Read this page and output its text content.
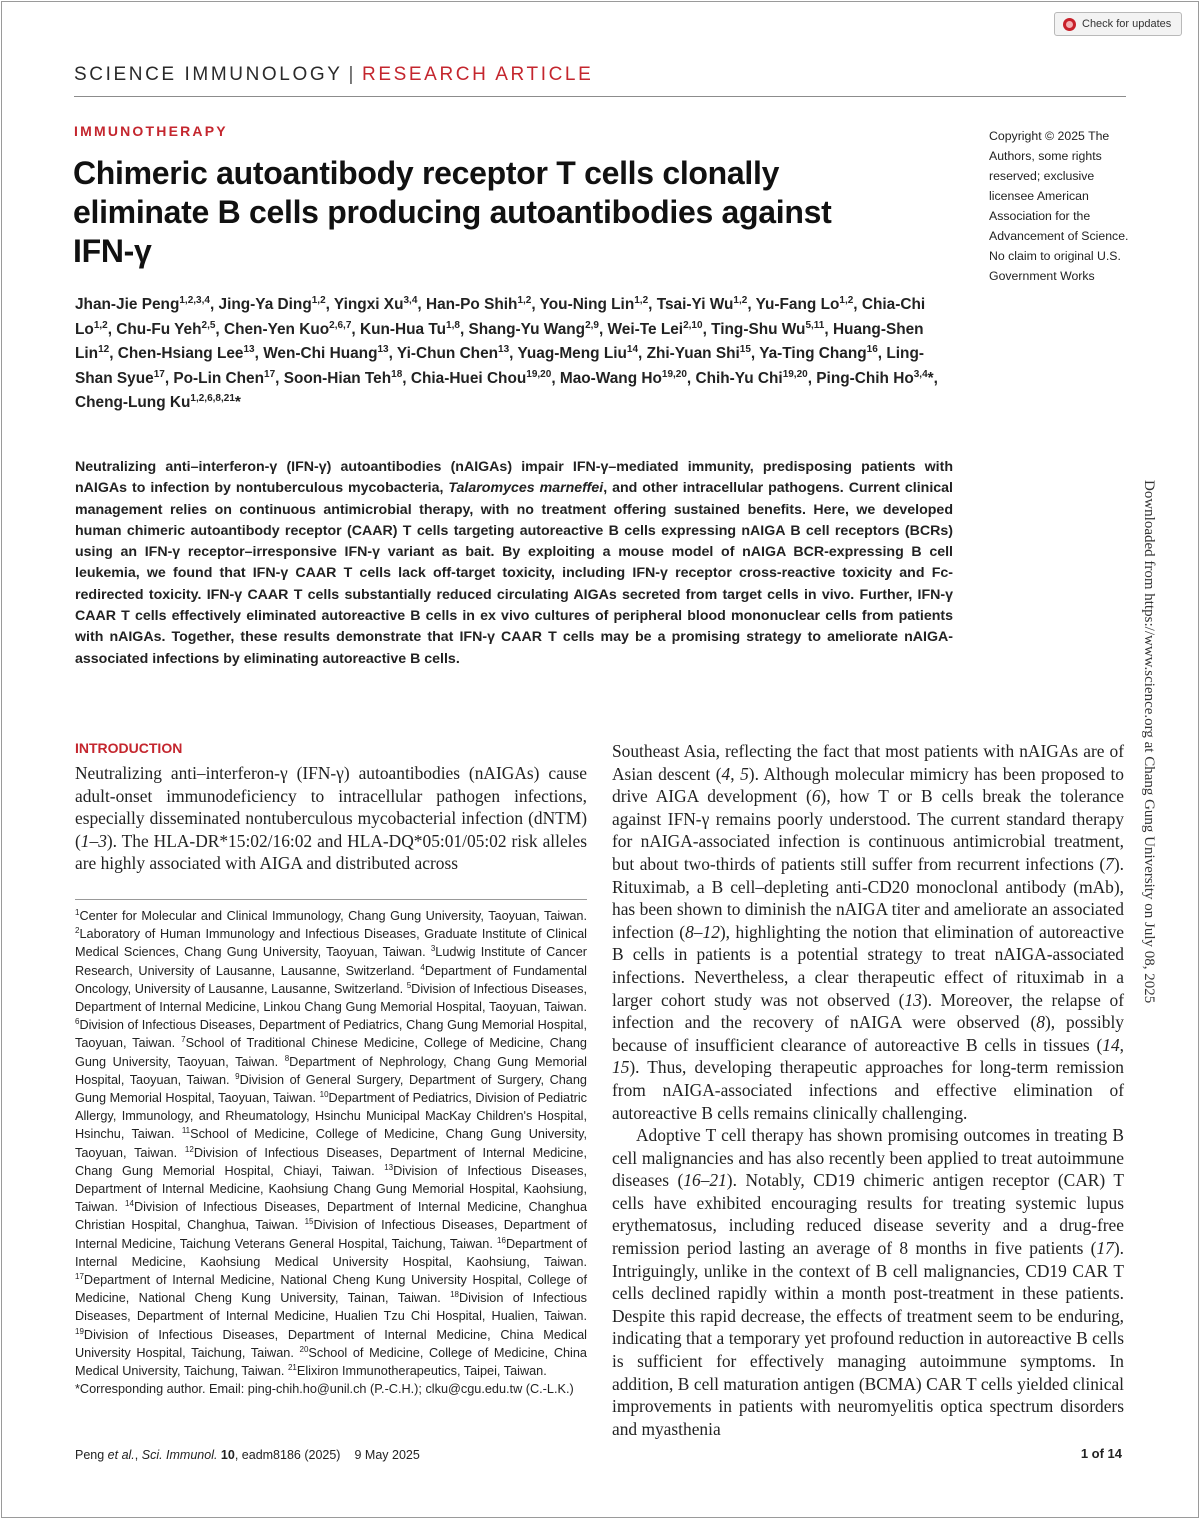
Check for updates
SCIENCE IMMUNOLOGY | RESEARCH ARTICLE
IMMUNOTHERAPY
Chimeric autoantibody receptor T cells clonally eliminate B cells producing autoantibodies against IFN-γ
Copyright © 2025 The Authors, some rights reserved; exclusive licensee American Association for the Advancement of Science. No claim to original U.S. Government Works
Jhan-Jie Peng$^{1,2,3,4}$, Jing-Ya Ding$^{1,2}$, Yingxi Xu$^{3,4}$, Han-Po Shih$^{1,2}$, You-Ning Lin$^{1,2}$, Tsai-Yi Wu$^{1,2}$, Yu-Fang Lo$^{1,2}$, Chia-Chi Lo$^{1,2}$, Chu-Fu Yeh$^{2,5}$, Chen-Yen Kuo$^{2,6,7}$, Kun-Hua Tu$^{1,8}$, Shang-Yu Wang$^{2,9}$, Wei-Te Lei$^{2,10}$, Ting-Shu Wu$^{5,11}$, Huang-Shen Lin$^{12}$, Chen-Hsiang Lee$^{13}$, Wen-Chi Huang$^{13}$, Yi-Chun Chen$^{13}$, Yuag-Meng Liu$^{14}$, Zhi-Yuan Shi$^{15}$, Ya-Ting Chang$^{16}$, Ling-Shan Syue$^{17}$, Po-Lin Chen$^{17}$, Soon-Hian Teh$^{18}$, Chia-Huei Chou$^{19,20}$, Mao-Wang Ho$^{19,20}$, Chih-Yu Chi$^{19,20}$, Ping-Chih Ho$^{3,4}$*, Cheng-Lung Ku$^{1,2,6,8,21}$*
Neutralizing anti–interferon-γ (IFN-γ) autoantibodies (nAIGAs) impair IFN-γ–mediated immunity, predisposing patients with nAIGAs to infection by nontuberculous mycobacteria, Talaromyces marneffei, and other intracellular pathogens. Current clinical management relies on continuous antimicrobial therapy, with no treatment offering sustained benefits. Here, we developed human chimeric autoantibody receptor (CAAR) T cells targeting autoreactive B cells expressing nAIGA B cell receptors (BCRs) using an IFN-γ receptor–irresponsive IFN-γ variant as bait. By exploiting a mouse model of nAIGA BCR-expressing B cell leukemia, we found that IFN-γ CAAR T cells lack off-target toxicity, including IFN-γ receptor cross-reactive toxicity and Fc-redirected toxicity. IFN-γ CAAR T cells substantially reduced circulating AIGAs secreted from target cells in vivo. Further, IFN-γ CAAR T cells effectively eliminated autoreactive B cells in ex vivo cultures of peripheral blood mononuclear cells from patients with nAIGAs. Together, these results demonstrate that IFN-γ CAAR T cells may be a promising strategy to ameliorate nAIGA-associated infections by eliminating autoreactive B cells.
INTRODUCTION
Neutralizing anti–interferon-γ (IFN-γ) autoantibodies (nAIGAs) cause adult-onset immunodeficiency to intracellular pathogen infections, especially disseminated nontuberculous mycobacterial infection (dNTM) (1–3). The HLA-DR*15:02/16:02 and HLA-DQ*05:01/05:02 risk alleles are highly associated with AIGA and distributed across

Southeast Asia, reflecting the fact that most patients with nAIGAs are of Asian descent (4, 5). Although molecular mimicry has been proposed to drive AIGA development (6), how T or B cells break the tolerance against IFN-γ remains poorly understood. The current standard therapy for nAIGA-associated infection is continuous antimicrobial treatment, but about two-thirds of patients still suffer from recurrent infections (7). Rituximab, a B cell–depleting anti-CD20 monoclonal antibody (mAb), has been shown to diminish the nAIGA titer and ameliorate an associated infection (8–12), highlighting the notion that elimination of autoreactive B cells in patients is a potential strategy to treat nAIGA-associated infections. Nevertheless, a clear therapeutic effect of rituximab in a larger cohort study was not observed (13). Moreover, the relapse of infection and the recovery of nAIGA were observed (8), possibly because of insufficient clearance of autoreactive B cells in tissues (14, 15). Thus, developing therapeutic approaches for long-term remission from nAIGA-associated infections and effective elimination of autoreactive B cells remains clinically challenging.

Adoptive T cell therapy has shown promising outcomes in treating B cell malignancies and has also recently been applied to treat autoimmune diseases (16–21). Notably, CD19 chimeric antigen receptor (CAR) T cells have exhibited encouraging results for treating systemic lupus erythematosus, including reduced disease severity and a drug-free remission period lasting an average of 8 months in five patients (17). Intriguingly, unlike in the context of B cell malignancies, CD19 CAR T cells declined rapidly within a month post-treatment in these patients. Despite this rapid decrease, the effects of treatment seem to be enduring, indicating that a temporary yet profound reduction in autoreactive B cells is sufficient for effectively managing autoimmune symptoms. In addition, B cell maturation antigen (BCMA) CAR T cells yielded clinical improvements in patients with neuromyelitis optica spectrum disorders and myasthenia

$^1$Center for Molecular and Clinical Immunology, Chang Gung University, Taoyuan, Taiwan. $^2$Laboratory of Human Immunology and Infectious Diseases, Graduate Institute of Clinical Medical Sciences, Chang Gung University, Taoyuan, Taiwan. $^3$Ludwig Institute of Cancer Research, University of Lausanne, Lausanne, Switzerland. $^4$Department of Fundamental Oncology, University of Lausanne, Lausanne, Switzerland. $^5$Division of Infectious Diseases, Department of Internal Medicine, Linkou Chang Gung Memorial Hospital, Taoyuan, Taiwan. $^6$Division of Infectious Diseases, Department of Pediatrics, Chang Gung Memorial Hospital, Taoyuan, Taiwan. $^7$School of Traditional Chinese Medicine, College of Medicine, Chang Gung University, Taoyuan, Taiwan. $^8$Department of Nephrology, Chang Gung Memorial Hospital, Taoyuan, Taiwan. $^9$Division of General Surgery, Department of Surgery, Chang Gung Memorial Hospital, Taoyuan, Taiwan. $^{10}$Department of Pediatrics, Division of Pediatric Allergy, Immunology, and Rheumatology, Hsinchu Municipal MacKay Children's Hospital, Hsinchu, Taiwan. $^{11}$School of Medicine, College of Medicine, Chang Gung University, Taoyuan, Taiwan. $^{12}$Division of Infectious Diseases, Department of Internal Medicine, Chang Gung Memorial Hospital, Chiayi, Taiwan. $^{13}$Division of Infectious Diseases, Department of Internal Medicine, Kaohsiung Chang Gung Memorial Hospital, Kaohsiung, Taiwan. $^{14}$Division of Infectious Diseases, Department of Internal Medicine, Changhua Christian Hospital, Changhua, Taiwan. $^{15}$Division of Infectious Diseases, Department of Internal Medicine, Taichung Veterans General Hospital, Taichung, Taiwan. $^{16}$Department of Internal Medicine, Kaohsiung Medical University Hospital, Kaohsiung, Taiwan. $^{17}$Department of Internal Medicine, National Cheng Kung University Hospital, College of Medicine, National Cheng Kung University, Tainan, Taiwan. $^{18}$Division of Infectious Diseases, Department of Internal Medicine, Hualien Tzu Chi Hospital, Hualien, Taiwan. $^{19}$Division of Infectious Diseases, Department of Internal Medicine, China Medical University Hospital, Taichung, Taiwan. $^{20}$School of Medicine, College of Medicine, China Medical University, Taichung, Taiwan. $^{21}$Elixiron Immunotherapeutics, Taipei, Taiwan.
*Corresponding author. Email: ping-chih.ho@unil.ch (P.-C.H.); clku@cgu.edu.tw (C.-L.K.)
Peng et al., Sci. Immunol. 10, eadm8186 (2025) 9 May 2025	1 of 14
Downloaded from https://www.science.org at Chang Gung University on July 08, 2025
